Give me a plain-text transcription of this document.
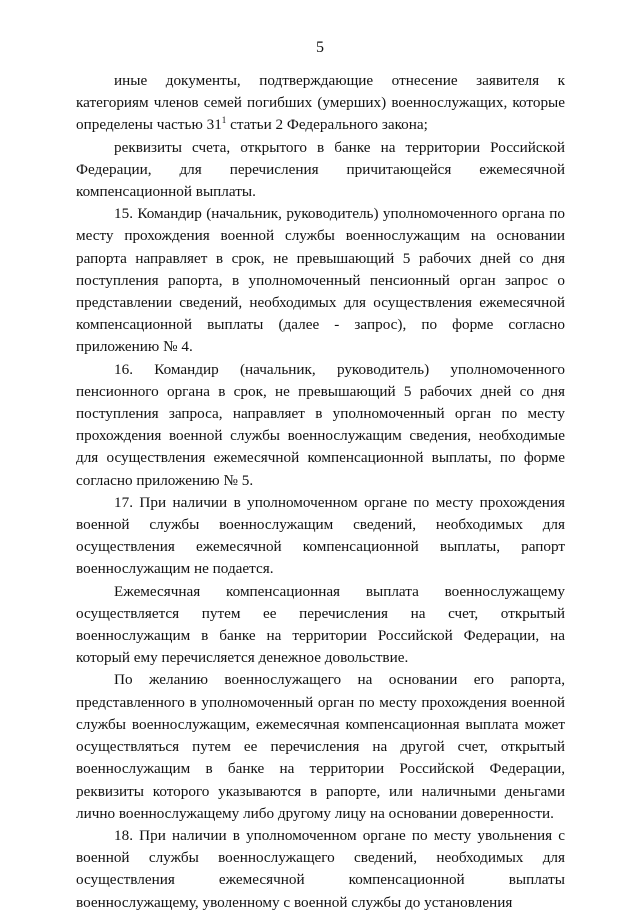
5

иные документы, подтверждающие отнесение заявителя к категориям членов семей погибших (умерших) военнослужащих, которые определены частью $31^1$ статьи 2 Федерального закона;

реквизиты счета, открытого в банке на территории Российской Федерации, для перечисления причитающейся ежемесячной компенсационной выплаты.

15. Командир (начальник, руководитель) уполномоченного органа по месту прохождения военной службы военнослужащим на основании рапорта направляет в срок, не превышающий 5 рабочих дней со дня поступления рапорта, в уполномоченный пенсионный орган запрос о представлении сведений, необходимых для осуществления ежемесячной компенсационной выплаты (далее - запрос), по форме согласно приложению № 4.

16. Командир (начальник, руководитель) уполномоченного пенсионного органа в срок, не превышающий 5 рабочих дней со дня поступления запроса, направляет в уполномоченный орган по месту прохождения военной службы военнослужащим сведения, необходимые для осуществления ежемесячной компенсационной выплаты, по форме согласно приложению № 5.

17. При наличии в уполномоченном органе по месту прохождения военной службы военнослужащим сведений, необходимых для осуществления ежемесячной компенсационной выплаты, рапорт военнослужащим не подается.

Ежемесячная компенсационная выплата военнослужащему осуществляется путем ее перечисления на счет, открытый военнослужащим в банке на территории Российской Федерации, на который ему перечисляется денежное довольствие.

По желанию военнослужащего на основании его рапорта, представленного в уполномоченный орган по месту прохождения военной службы военнослужащим, ежемесячная компенсационная выплата может осуществляться путем ее перечисления на другой счет, открытый военнослужащим в банке на территории Российской Федерации, реквизиты которого указываются в рапорте, или наличными деньгами лично военнослужащему либо другому лицу на основании доверенности.

18. При наличии в уполномоченном органе по месту увольнения с военной службы военнослужащего сведений, необходимых для осуществления ежемесячной компенсационной выплаты военнослужащему, уволенному с военной службы до установления
